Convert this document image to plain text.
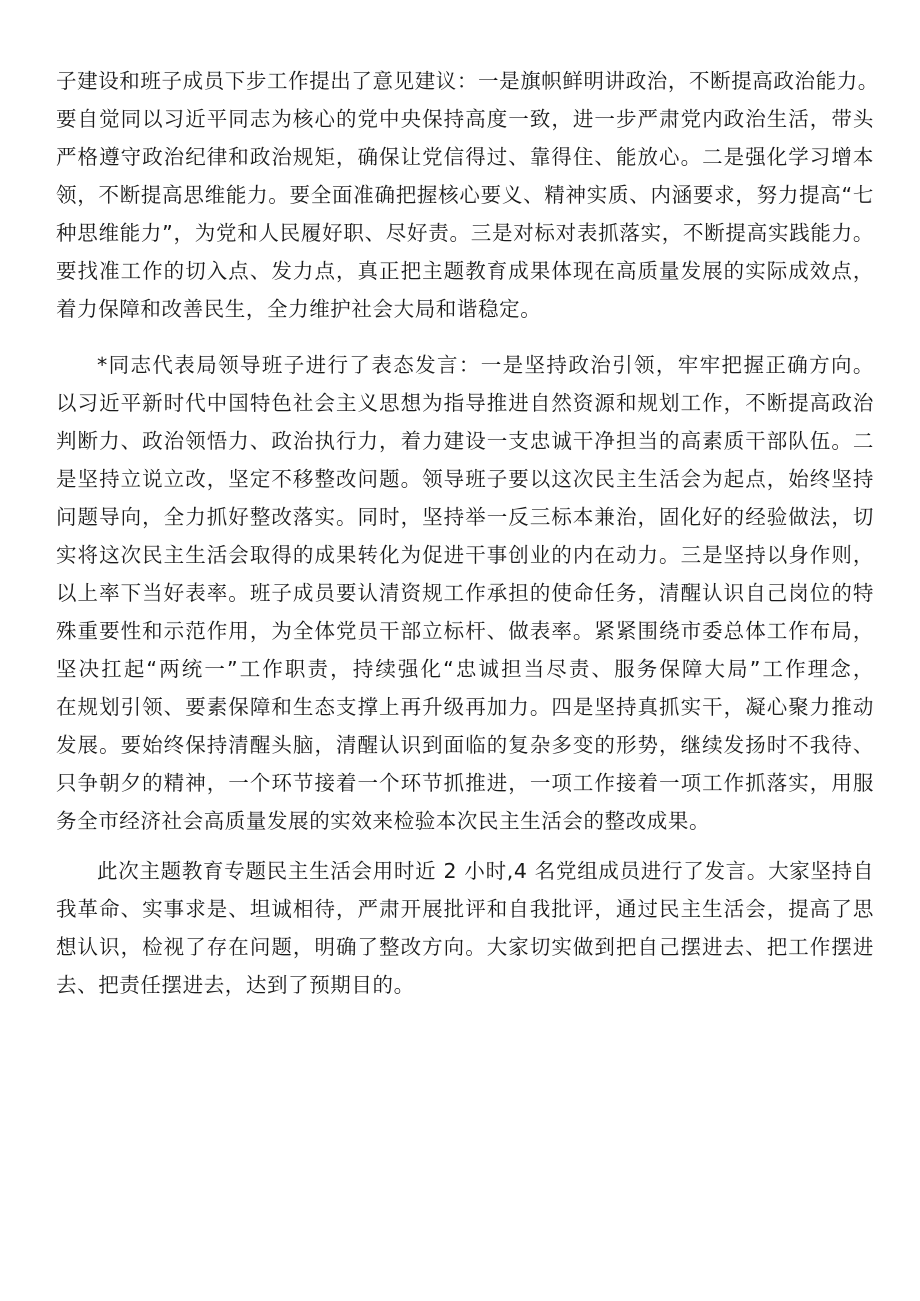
子建设和班子成员下步工作提出了意见建议：一是旗帜鲜明讲政治，不断提高政治能力。
要自觉同以习近平同志为核心的党中央保持高度一致，进一步严肃党内政治生活，带头
严格遵守政治纪律和政治规矩，确保让党信得过、靠得住、能放心。二是强化学习增本
领，不断提高思维能力。要全面准确把握核心要义、精神实质、内涵要求，努力提高“七
种思维能力”，为党和人民履好职、尽好责。三是对标对表抓落实，不断提高实践能力。
要找准工作的切入点、发力点，真正把主题教育成果体现在高质量发展的实际成效点，
着力保障和改善民生，全力维护社会大局和谐稳定。
*同志代表局领导班子进行了表态发言：一是坚持政治引领，牢牢把握正确方向。
以习近平新时代中国特色社会主义思想为指导推进自然资源和规划工作，不断提高政治
判断力、政治领悟力、政治执行力，着力建设一支忠诚干净担当的高素质干部队伍。二
是坚持立说立改，坚定不移整改问题。领导班子要以这次民主生活会为起点，始终坚持
问题导向，全力抓好整改落实。同时，坚持举一反三标本兼治，固化好的经验做法，切
实将这次民主生活会取得的成果转化为促进干事创业的内在动力。三是坚持以身作则，
以上率下当好表率。班子成员要认清资规工作承担的使命任务，清醒认识自己岗位的特
殊重要性和示范作用，为全体党员干部立标杆、做表率。紧紧围绕市委总体工作布局，
坚决扛起“两统一”工作职责，持续强化“忠诚担当尽责、服务保障大局”工作理念，
在规划引领、要素保障和生态支撑上再升级再加力。四是坚持真抓实干，凝心聚力推动
发展。要始终保持清醒头脑，清醒认识到面临的复杂多变的形势，继续发扬时不我待、
只争朝夕的精神，一个环节接着一个环节抓推进，一项工作接着一项工作抓落实，用服
务全市经济社会高质量发展的实效来检验本次民主生活会的整改成果。
此次主题教育专题民主生活会用时近 2 小时,4 名党组成员进行了发言。大家坚持自
我革命、实事求是、坦诚相待，严肃开展批评和自我批评，通过民主生活会，提高了思
想认识，检视了存在问题，明确了整改方向。大家切实做到把自己摆进去、把工作摆进
去、把责任摆进去，达到了预期目的。
